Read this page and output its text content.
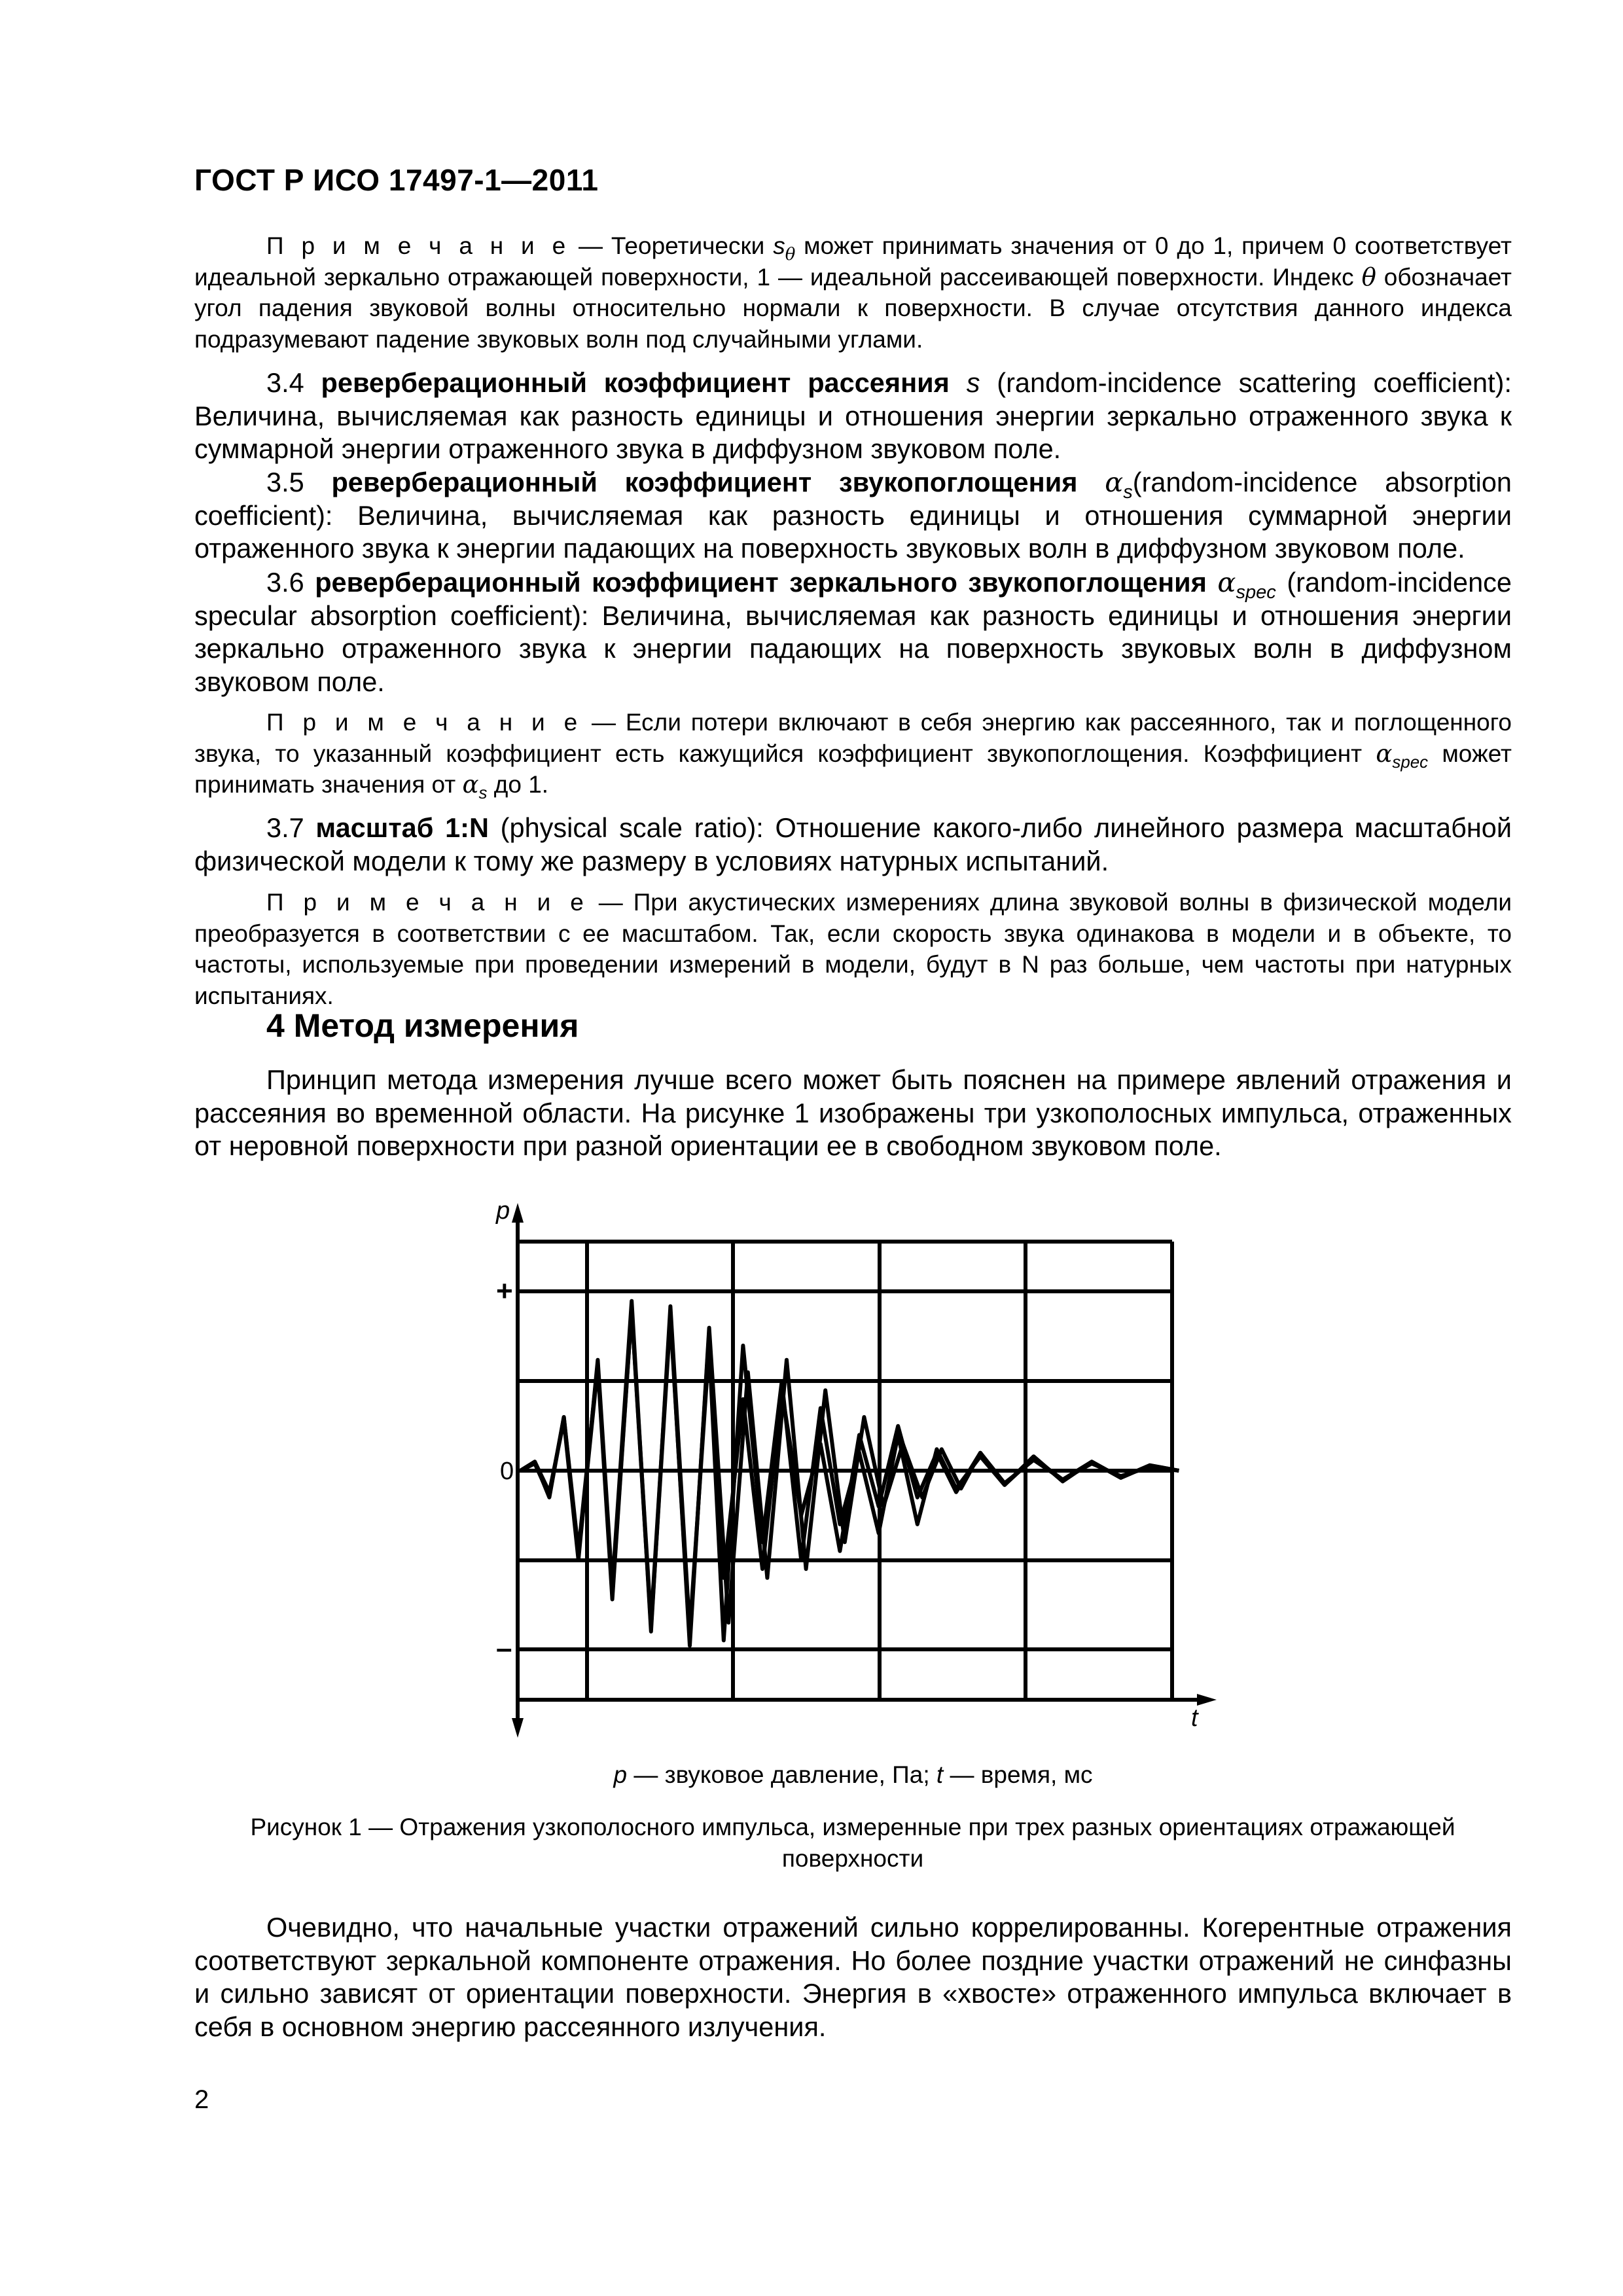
ГОСТ Р ИСО 17497-1—2011

П р и м е ч а н и е — Теоретически $s_\theta$ может принимать значения от 0 до 1, причем 0 соответствует идеальной зеркально отражающей поверхности, 1 — идеальной рассеивающей поверхности. Индекс θ обозначает угол падения звуковой волны относительно нормали к поверхности. В случае отсутствия данного индекса подразумевают падение звуковых волн под случайными углами.

3.4 реверберационный коэффициент рассеяния s (random-incidence scattering coefficient): Величина, вычисляемая как разность единицы и отношения энергии зеркально отраженного звука к суммарной энергии отраженного звука в диффузном звуковом поле.

3.5 реверберационный коэффициент звукопоглощения $\alpha_s(random$-incidence absorption coefficient): Величина, вычисляемая как разность единицы и отношения суммарной энергии отраженного звука к энергии падающих на поверхность звуковых волн в диффузном звуковом поле.

3.6 реверберационный коэффициент зеркального звукопоглощения $\alpha_{spec}$ (random-incidence specular absorption coefficient): Величина, вычисляемая как разность единицы и отношения энергии зеркально отраженного звука к энергии падающих на поверхность звуковых волн в диффузном звуковом поле.

П р и м е ч а н и е — Если потери включают в себя энергию как рассеянного, так и поглощенного звука, то указанный коэффициент есть кажущийся коэффициент звукопоглощения. Коэффициент $\alpha_{spec}$ может принимать значения от $\alpha_s$ до 1.

3.7 масштаб 1:N (physical scale ratio): Отношение какого-либо линейного размера масштабной физической модели к тому же размеру в условиях натурных испытаний.

П р и м е ч а н и е — При акустических измерениях длина звуковой волны в физической модели преобразуется в соответствии с ее масштабом. Так, если скорость звука одинакова в модели и в объекте, то частоты, используемые при проведении измерений в модели, будут в N раз больше, чем частоты при натурных испытаниях.

4 Метод измерения

Принцип метода измерения лучше всего может быть пояснен на примере явлений отражения и рассеяния во временной области. На рисунке 1 изображены три узкополосных импульса, отраженных от неровной поверхности при разной ориентации ее в свободном звуковом поле.

p
t
+
0
–
p — звуковое давление, Па; t — время, мс
Рисунок 1 — Отражения узкополосного импульса, измеренные при трех разных ориентациях отражающей поверхности

Очевидно, что начальные участки отражений сильно коррелированны. Когерентные отражения соответствуют зеркальной компоненте отражения. Но более поздние участки отражений не синфазны и сильно зависят от ориентации поверхности. Энергия в «хвосте» отраженного импульса включает в себя в основном энергию рассеянного излучения.

2
